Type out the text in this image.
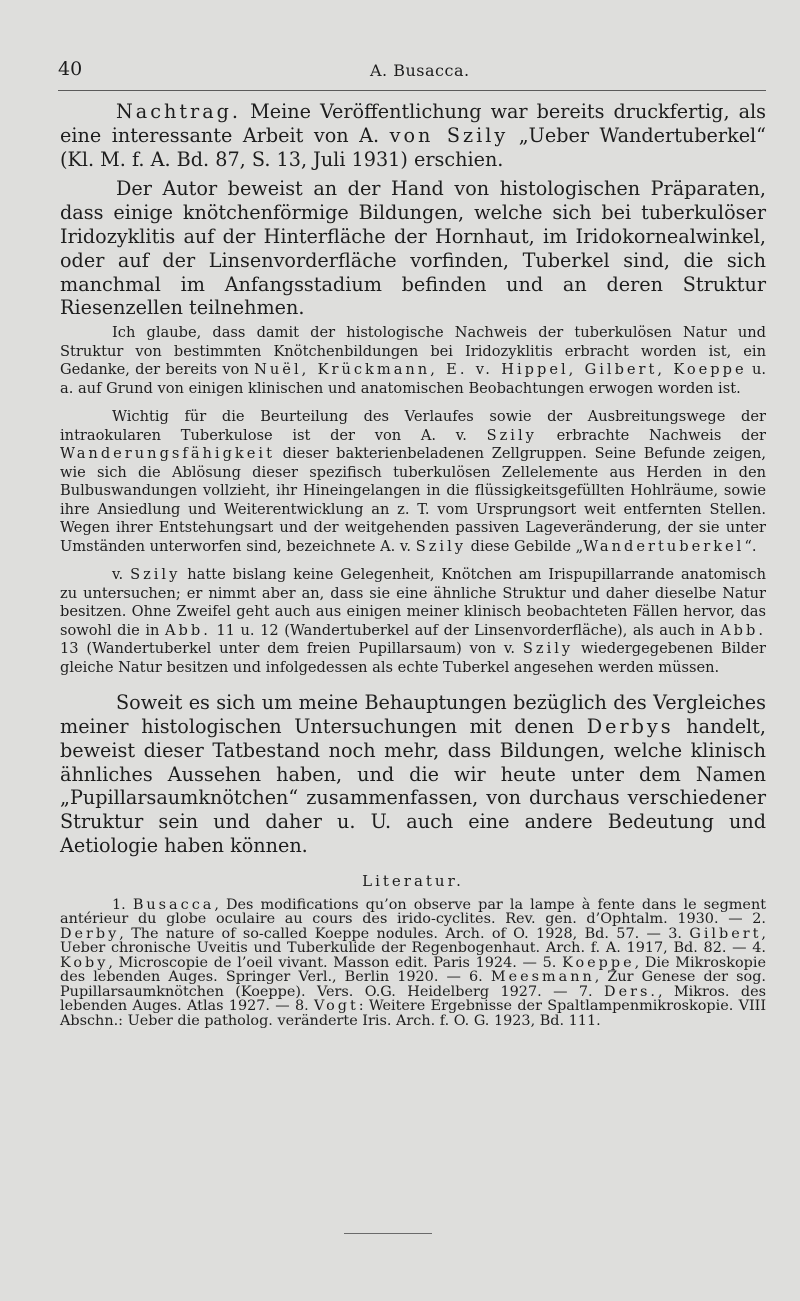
40	A. Busacca.

Nachtrag. Meine Veröffentlichung war bereits druckfertig, als eine interessante Arbeit von A. von Szily „Ueber Wandertuberkel“ (Kl. M. f. A. Bd. 87, S. 13, Juli 1931) erschien.

Der Autor beweist an der Hand von histologischen Präparaten, dass einige knötchenförmige Bildungen, welche sich bei tuberkulöser Iridozyklitis auf der Hinterfläche der Hornhaut, im Iridokornealwinkel, oder auf der Linsenvorderfläche vorfinden, Tuberkel sind, die sich manchmal im Anfangsstadium befinden und an deren Struktur Riesenzellen teilnehmen.

Ich glaube, dass damit der histologische Nachweis der tuberkulösen Natur und Struktur von bestimmten Knötchenbildungen bei Iridozyklitis erbracht worden ist, ein Gedanke, der bereits von Nuël, Krückmann, E. v. Hippel, Gilbert, Koeppe u. a. auf Grund von einigen klinischen und anatomischen Beobachtungen erwogen worden ist.

Wichtig für die Beurteilung des Verlaufes sowie der Ausbreitungswege der intraokularen Tuberkulose ist der von A. v. Szily erbrachte Nachweis der Wanderungsfähigkeit dieser bakterienbeladenen Zellgruppen. Seine Befunde zeigen, wie sich die Ablösung dieser spezifisch tuberkulösen Zellelemente aus Herden in den Bulbuswandungen vollzieht, ihr Hineingelangen in die flüssigkeitsgefüllten Hohlräume, sowie ihre Ansiedlung und Weiterentwicklung an z. T. vom Ursprungsort weit entfernten Stellen. Wegen ihrer Entstehungsart und der weitgehenden passiven Lageveränderung, der sie unter Umständen unterworfen sind, bezeichnete A. v. Szily diese Gebilde „Wandertuberkel“.

v. Szily hatte bislang keine Gelegenheit, Knötchen am Irispupillarrande anatomisch zu untersuchen; er nimmt aber an, dass sie eine ähnliche Struktur und daher dieselbe Natur besitzen. Ohne Zweifel geht auch aus einigen meiner klinisch beobachteten Fällen hervor, das sowohl die in Abb. 11 u. 12 (Wandertuberkel auf der Linsenvorderfläche), als auch in Abb. 13 (Wandertuberkel unter dem freien Pupillarsaum) von v. Szily wiedergegebenen Bilder gleiche Natur besitzen und infolgedessen als echte Tuberkel angesehen werden müssen.

Soweit es sich um meine Behauptungen bezüglich des Vergleiches meiner histologischen Untersuchungen mit denen Derbys handelt, beweist dieser Tatbestand noch mehr, dass Bildungen, welche klinisch ähnliches Aussehen haben, und die wir heute unter dem Namen „Pupillarsaumknötchen“ zusammenfassen, von durchaus verschiedener Struktur sein und daher u. U. auch eine andere Bedeutung und Aetiologie haben können.

Literatur.

1. Busacca, Des modifications qu’on observe par la lampe à fente dans le segment antérieur du globe oculaire au cours des irido-cyclites. Rev. gen. d’Ophtalm. 1930. — 2. Derby, The nature of so-called Koeppe nodules. Arch. of O. 1928, Bd. 57. — 3. Gilbert, Ueber chronische Uveitis und Tuberkulide der Regenbogenhaut. Arch. f. A. 1917, Bd. 82. — 4. Koby, Microscopie de l’oeil vivant. Masson edit. Paris 1924. — 5. Koeppe, Die Mikroskopie des lebenden Auges. Springer Verl., Berlin 1920. — 6. Meesmann, Zur Genese der sog. Pupillarsaumknötchen (Koeppe). Vers. O.G. Heidelberg 1927. — 7. Ders., Mikros. des lebenden Auges. Atlas 1927. — 8. Vogt: Weitere Ergebnisse der Spaltlampenmikroskopie. VIII Abschn.: Ueber die patholog. veränderte Iris. Arch. f. O. G. 1923, Bd. 111.
